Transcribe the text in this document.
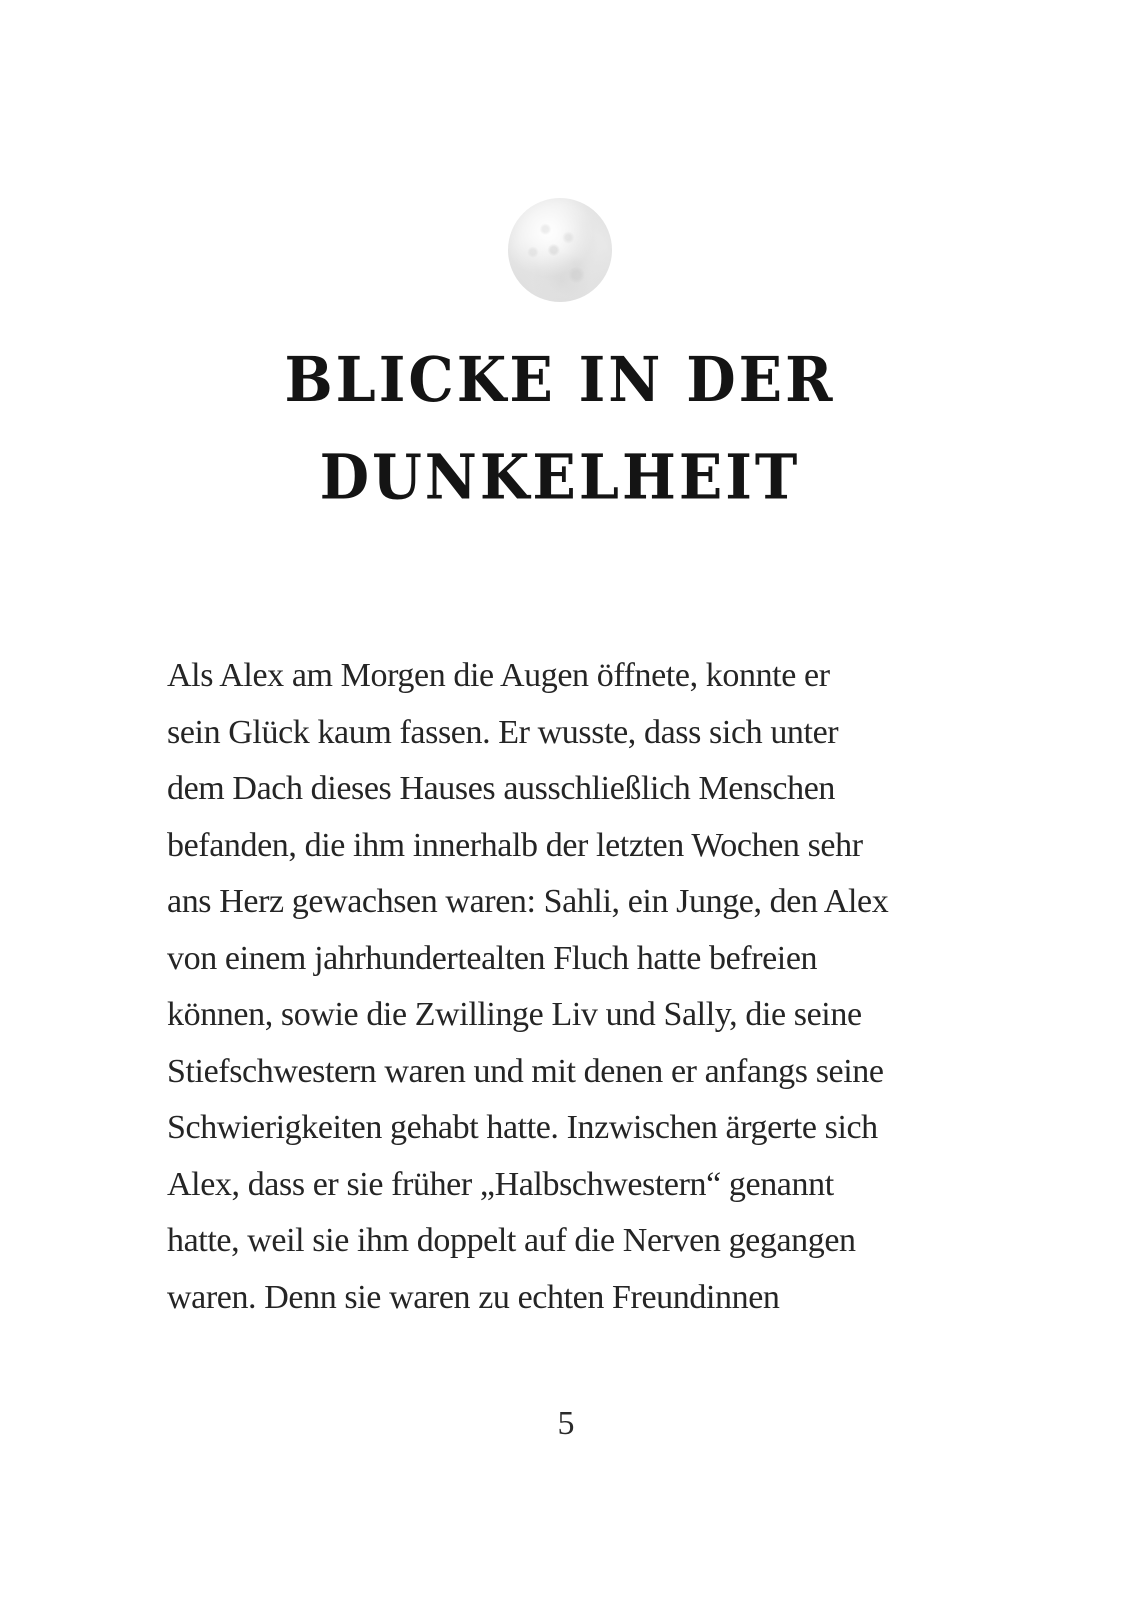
BLICKE IN DER
DUNKELHEIT
Als Alex am Morgen die Augen öffnete, konnte er
sein Glück kaum fassen. Er wusste, dass sich unter
dem Dach dieses Hauses ausschließlich Menschen
befanden, die ihm innerhalb der letzten Wochen sehr
ans Herz gewachsen waren: Sahli, ein Junge, den Alex
von einem jahrhundertealten Fluch hatte befreien
können, sowie die Zwillinge Liv und Sally, die seine
Stiefschwestern waren und mit denen er anfangs seine
Schwierigkeiten gehabt hatte. Inzwischen ärgerte sich
Alex, dass er sie früher „Halbschwestern“ genannt
hatte, weil sie ihm doppelt auf die Nerven gegangen
waren. Denn sie waren zu echten Freundinnen
5
